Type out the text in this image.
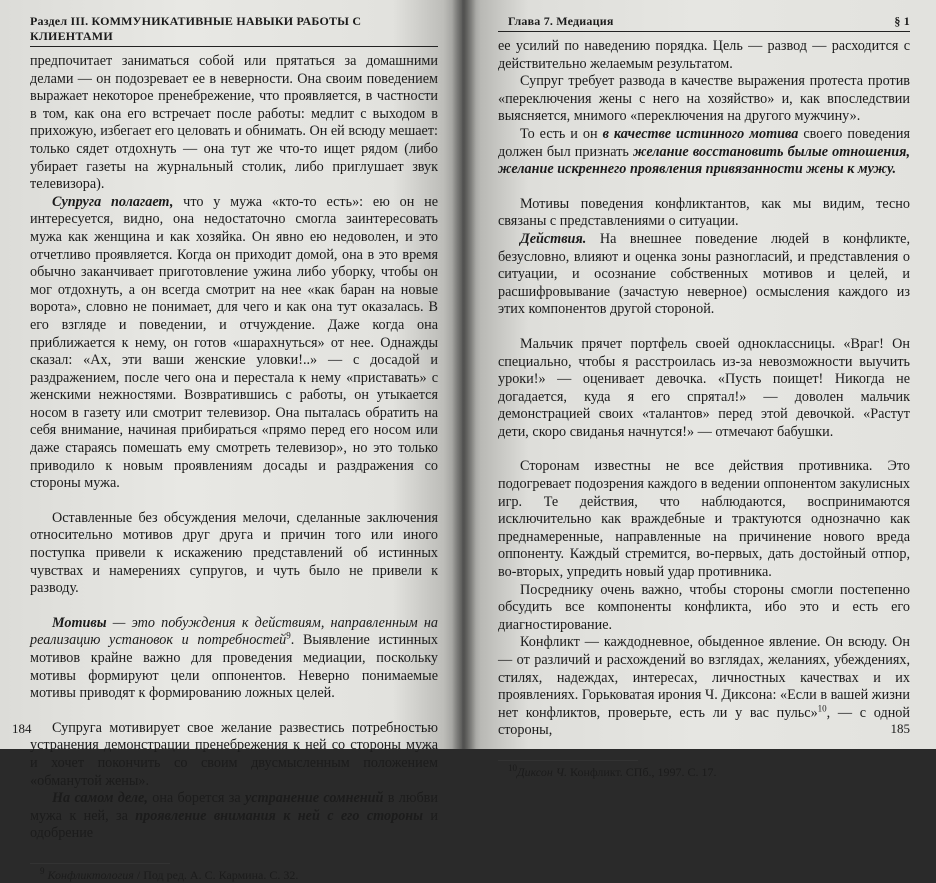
Раздел III. КОММУНИКАТИВНЫЕ НАВЫКИ РАБОТЫ С КЛИЕНТАМИ

предпочитает заниматься собой или прятаться за домашними делами — он подозревает ее в неверности. Она своим поведением выражает некоторое пренебрежение, что проявляется, в частности в том, как она его встречает после работы: медлит с выходом в прихожую, избегает его целовать и обнимать. Он ей всюду мешает: только сядет отдохнуть — она тут же что-то ищет рядом (либо убирает газеты на журнальный столик, либо приглушает звук телевизора).

Супруга полагает, что у мужа «кто-то есть»: ею он не интересуется, видно, она недостаточно смогла заинтересовать мужа как женщина и как хозяйка. Он явно ею недоволен, и это отчетливо проявляется. Когда он приходит домой, она в это время обычно заканчивает приготовление ужина либо уборку, чтобы он мог отдохнуть, а он всегда смотрит на нее «как баран на новые ворота», словно не понимает, для чего и как она тут оказалась. В его взгляде и поведении, и отчуждение. Даже когда она приближается к нему, он готов «шарахнуться» от нее. Однажды сказал: «Ах, эти ваши женские уловки!..» — с досадой и раздражением, после чего она и перестала к нему «приставать» с женскими нежностями. Возвратившись с работы, он утыкается носом в газету или смотрит телевизор. Она пыталась обратить на себя внимание, начиная прибираться «прямо перед его носом или даже стараясь помешать ему смотреть телевизор», но это только приводило к новым проявлениям досады и раздражения со стороны мужа.

Оставленные без обсуждения мелочи, сделанные заключения относительно мотивов друг друга и причин того или иного поступка привели к искажению представлений об истинных чувствах и намерениях супругов, и чуть было не привели к разводу.

Мотивы — это побуждения к действиям, направленным на реализацию установок и потребностей$^9$. Выявление истинных мотивов крайне важно для проведения медиации, поскольку мотивы формируют цели оппонентов. Неверно понимаемые мотивы приводят к формированию ложных целей.

Супруга мотивирует свое желание развестись потребностью устранения демонстрации пренебрежения к ней со стороны мужа и хочет покончить со своим двусмысленным положением «обманутой жены».

На самом деле, она борется за устранение сомнений в любви мужа к ней, за проявление внимания к ней с его стороны и одобрение

$^9$ Конфликтология / Под ред. А. С. Кармина. С. 32.

184
Глава 7. Медиация	§ 1

ее усилий по наведению порядка. Цель — развод — расходится с действительно желаемым результатом.

Супруг требует развода в качестве выражения протеста против «переключения жены с него на хозяйство» и, как впоследствии выясняется, мнимого «переключения на другого мужчину».

То есть и он в качестве истинного мотива своего поведения должен был признать желание восстановить былые отношения, желание искреннего проявления привязанности жены к мужу.

Мотивы поведения конфликтантов, как мы видим, тесно связаны с представлениями о ситуации.

Действия. На внешнее поведение людей в конфликте, безусловно, влияют и оценка зоны разногласий, и представления о ситуации, и осознание собственных мотивов и целей, и расшифровывание (зачастую неверное) осмысления каждого из этих компонентов другой стороной.

Мальчик прячет портфель своей одноклассницы. «Враг! Он специально, чтобы я расстроилась из-за невозможности выучить уроки!» — оценивает девочка. «Пусть поищет! Никогда не догадается, куда я его спрятал!» — доволен мальчик демонстрацией своих «талантов» перед этой девочкой. «Растут дети, скоро свиданья начнутся!» — отмечают бабушки.

Сторонам известны не все действия противника. Это подогревает подозрения каждого в ведении оппонентом закулисных игр. Те действия, что наблюдаются, воспринимаются исключительно как враждебные и трактуются однозначно как преднамеренные, направленные на причинение нового вреда оппоненту. Каждый стремится, во-первых, дать достойный отпор, во-вторых, упредить новый удар противника.

Посреднику очень важно, чтобы стороны смогли постепенно обсудить все компоненты конфликта, ибо это и есть его диагностирование.

Конфликт — каждодневное, обыденное явление. Он всюду. Он — от различий и расхождений во взглядах, желаниях, убеждениях, стилях, надеждах, интересах, личностных качествах и их проявлениях. Горьковатая ирония Ч. Диксона: «Если в вашей жизни нет конфликтов, проверьте, есть ли у вас пульс»$^{10}$, — с одной стороны,

$^{10}$Диксон Ч. Конфликт. СПб., 1997. С. 17.

185
